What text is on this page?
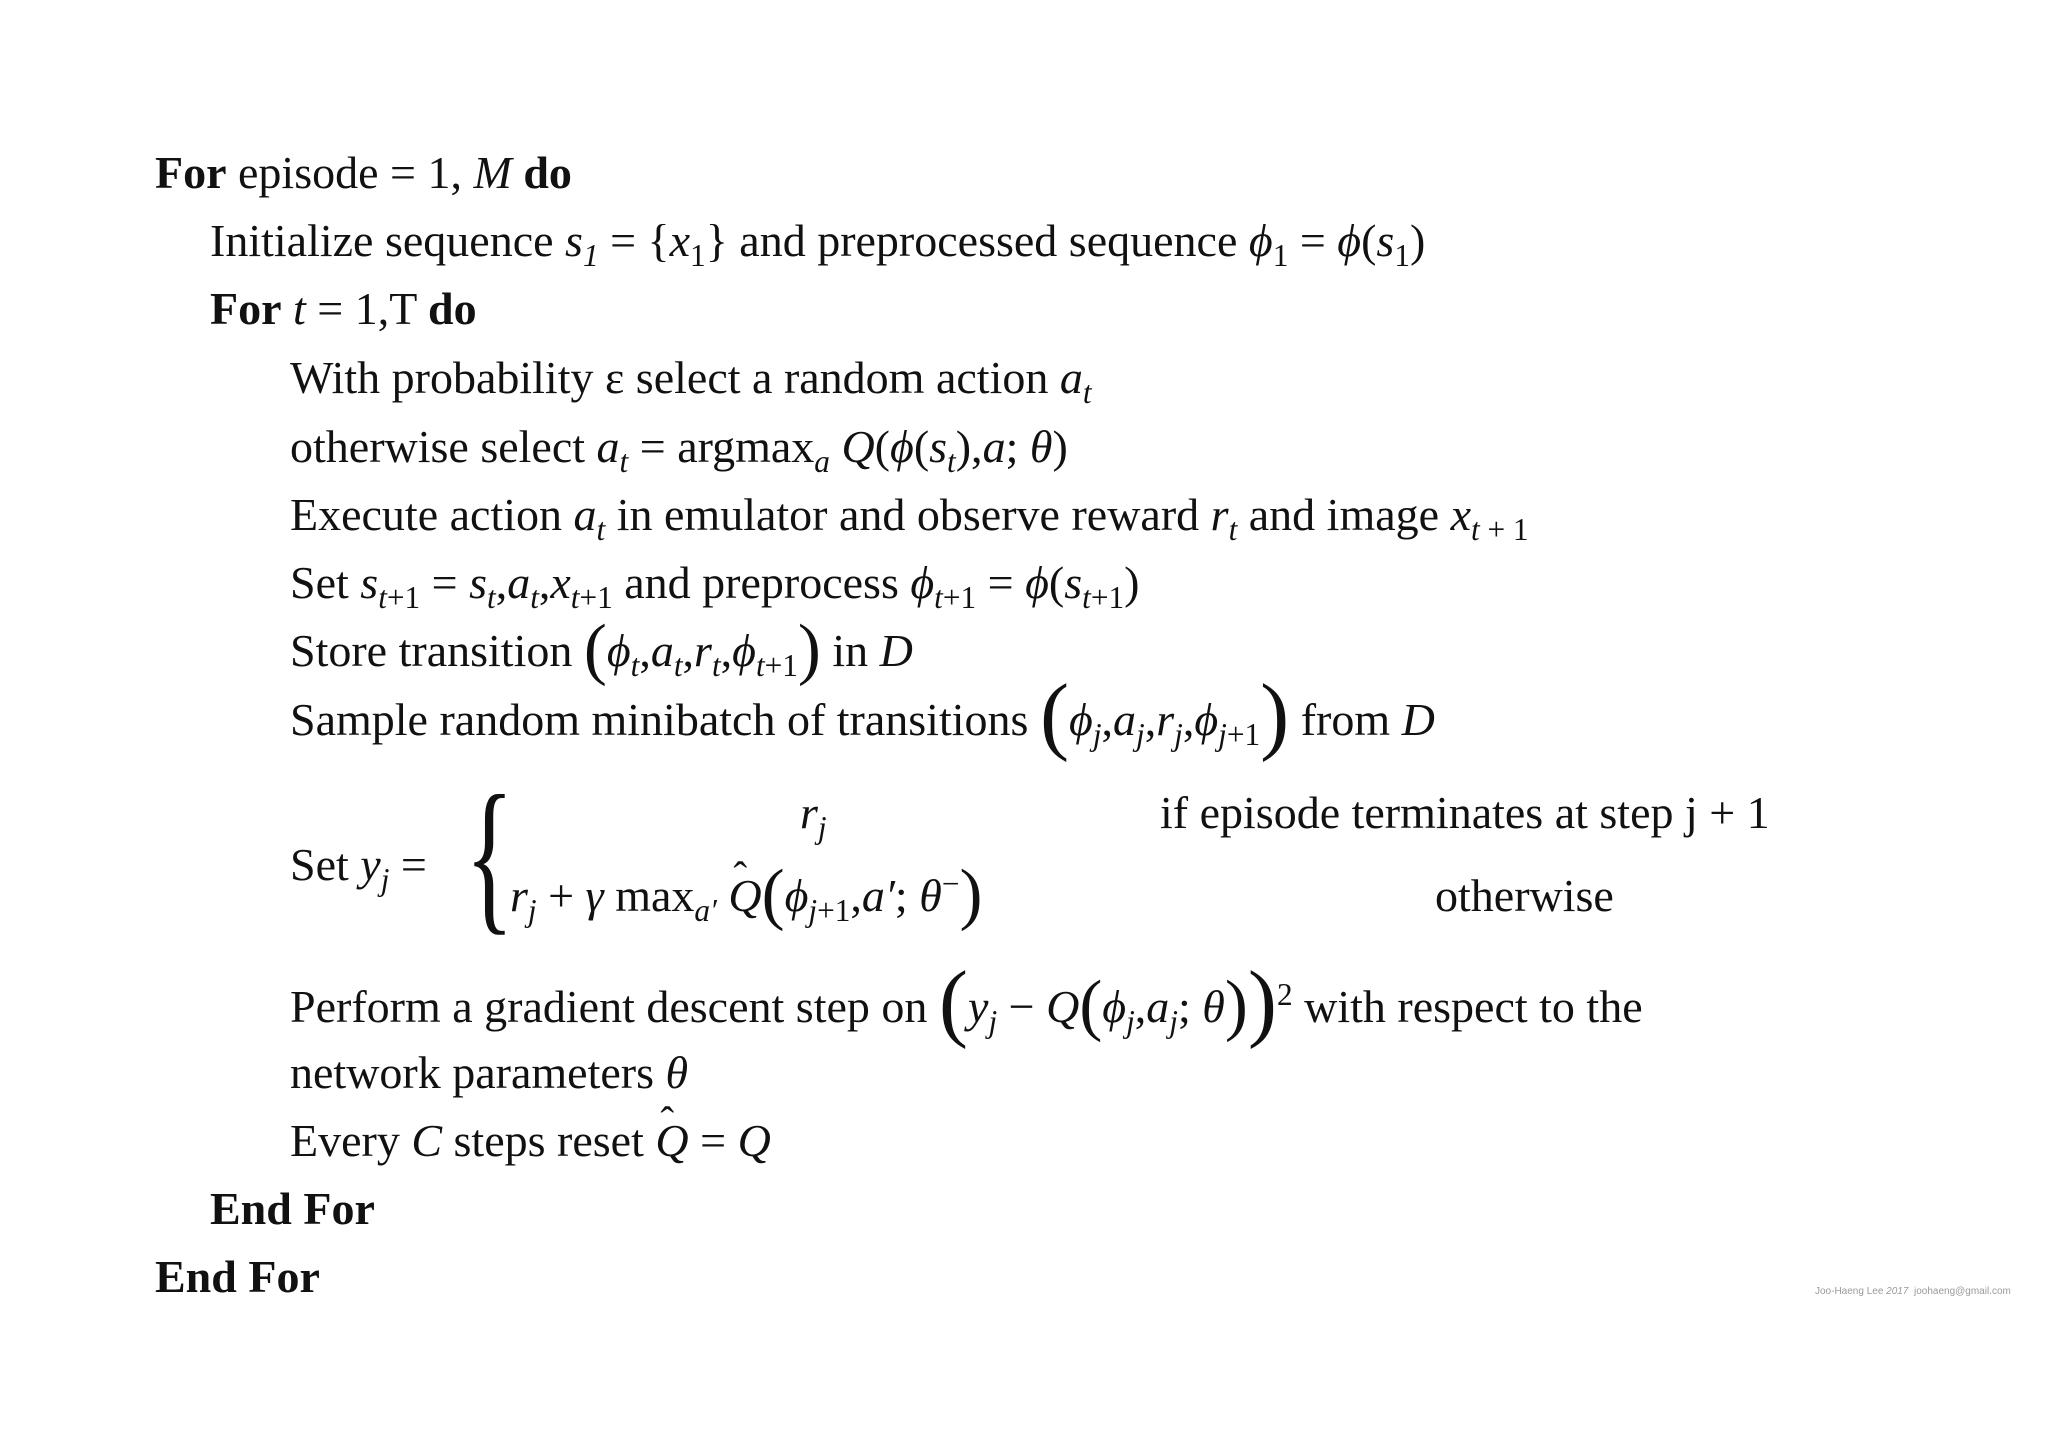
For episode = 1, M do
Initialize sequence $s_1 = \{x_1\}$ and preprocessed sequence $\phi_1 = \phi(s_1)$
For t = 1,T do
With probability ε select a random action $a_t$
otherwise select $a_t = argmax_a$ $Q(\phi(s_t),a$; θ)
Execute action $a_t$ in emulator and observe reward $r_t$ and image $x_{t + 1}$
Set $s_{t+1} = s_t,a_t,x_{t+1}$ and preprocess $\phi_{t+1} = \phi(s_{t+1})$
Store transition $(\phi_t,a_t,r_t,\phi_{t+1})$ in D
Sample random minibatch of transitions $(\phi_j,a_j,r_j,\phi_{j+1})$ from D
Set $y_j$ = {	$r_j$	if episode terminates at step j + 1
$r_j + \gamma$ $\max_{a'}$ ˆ $Q(\phi_{j+1},a'$; θ−)	otherwise
Perform a gradient descent step on ($y_j - Q(\phi_j,a_j$; θ))$^2$ with respect to the
network parameters θ
Every C steps reset ˆ Q = Q
End For
End For	Joo-Haeng Lee 2017 joohaeng@gmail.com
